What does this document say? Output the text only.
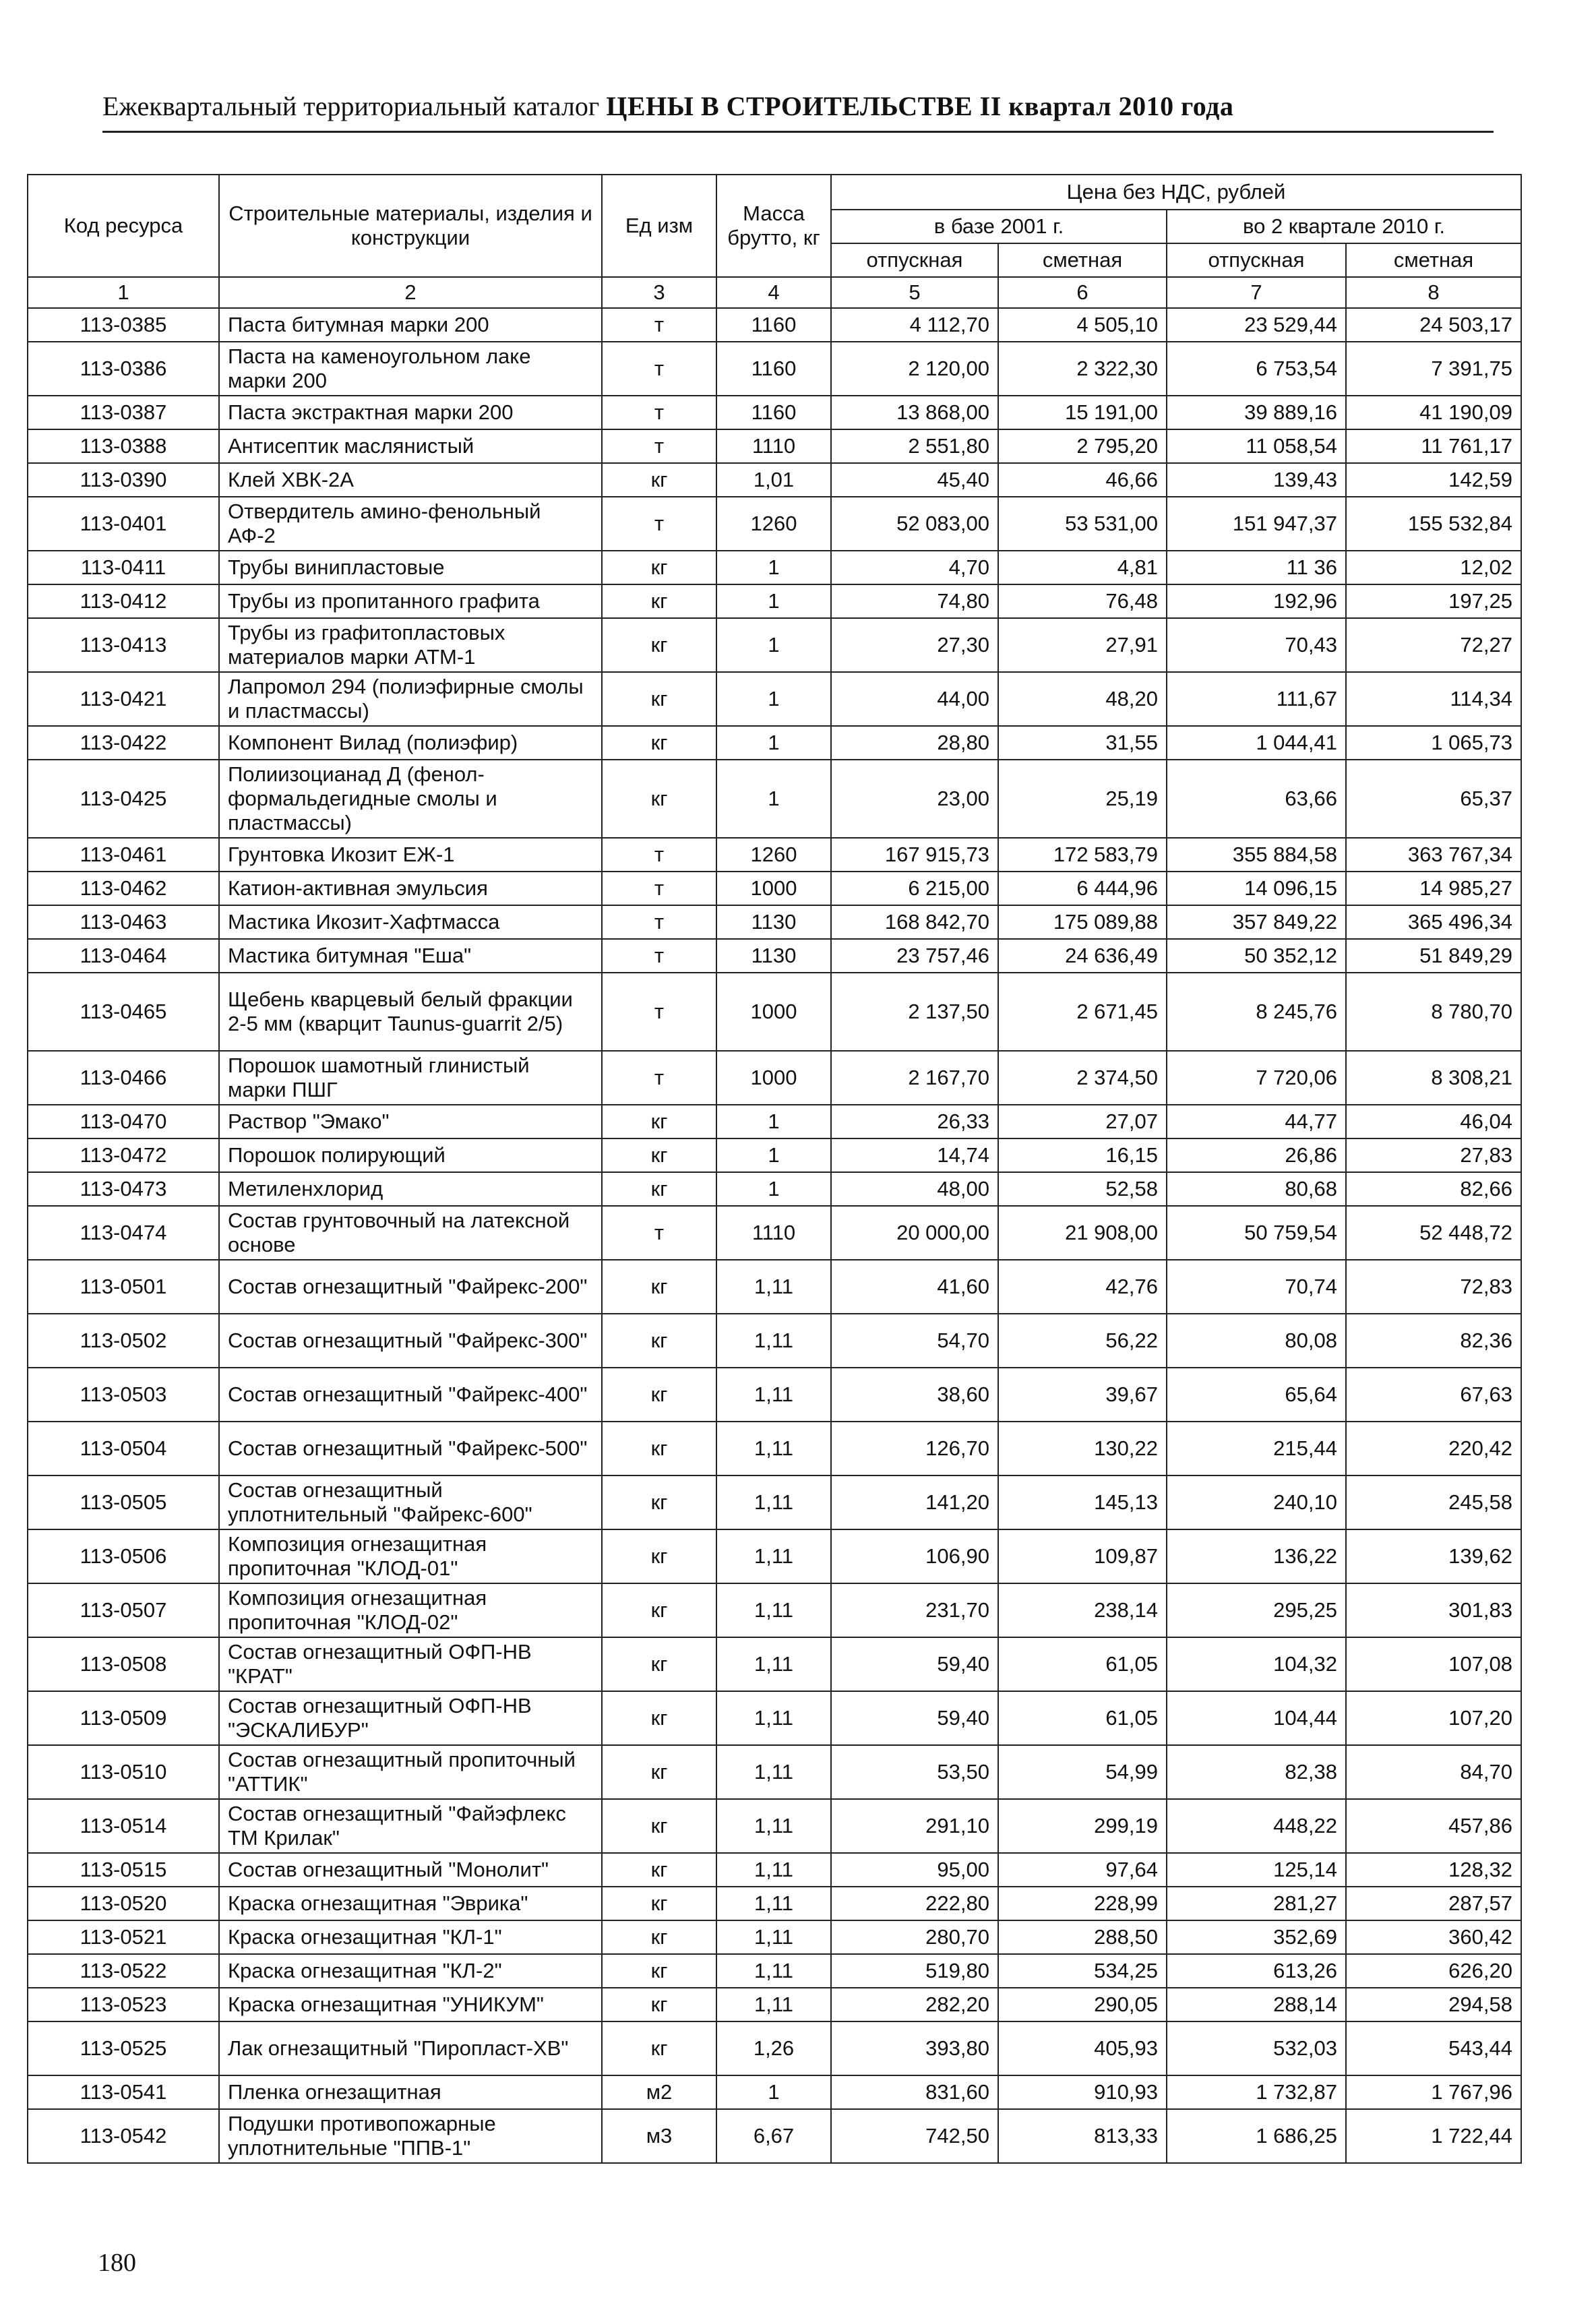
Ежеквартальный территориальный каталог ЦЕНЫ В СТРОИТЕЛЬСТВЕ II квартал 2010 года
Код ресурса	Строительные материалы, изделия и конструкции	Ед изм	Масса брутто, кг	Цена без НДС, рублей			
				в базе 2001 г.		во 2 квартале 2010 г.	
				отпускная	сметная	отпускная	сметная
1	2	3	4	5	6	7	8
113-0385	Паста битумная марки 200	т	1160	4 112,70	4 505,10	23 529,44	24 503,17
113-0386	Паста на каменоугольном лаке марки 200	т	1160	2 120,00	2 322,30	6 753,54	7 391,75
113-0387	Паста экстрактная марки 200	т	1160	13 868,00	15 191,00	39 889,16	41 190,09
113-0388	Антисептик маслянистый	т	1110	2 551,80	2 795,20	11 058,54	11 761,17
113-0390	Клей ХВК-2А	кг	1,01	45,40	46,66	139,43	142,59
113-0401	Отвердитель амино-фенольный АФ-2	т	1260	52 083,00	53 531,00	151 947,37	155 532,84
113-0411	Трубы винипластовые	кг	1	4,70	4,81	11 36	12,02
113-0412	Трубы из пропитанного графита	кг	1	74,80	76,48	192,96	197,25
113-0413	Трубы из графитопластовых материалов марки АТМ-1	кг	1	27,30	27,91	70,43	72,27
113-0421	Лапромол 294 (полиэфирные смолы и пластмассы)	кг	1	44,00	48,20	111,67	114,34
113-0422	Компонент Вилад (полиэфир)	кг	1	28,80	31,55	1 044,41	1 065,73
113-0425	Полиизоцианад Д (фенол-формальдегидные смолы и пластмассы)	кг	1	23,00	25,19	63,66	65,37
113-0461	Грунтовка Икозит ЕЖ-1	т	1260	167 915,73	172 583,79	355 884,58	363 767,34
113-0462	Катион-активная эмульсия	т	1000	6 215,00	6 444,96	14 096,15	14 985,27
113-0463	Мастика Икозит-Хафтмасса	т	1130	168 842,70	175 089,88	357 849,22	365 496,34
113-0464	Мастика битумная "Еша"	т	1130	23 757,46	24 636,49	50 352,12	51 849,29
113-0465	Щебень кварцевый белый фракции 2-5 мм (кварцит Taunus-guarrit 2/5)	т	1000	2 137,50	2 671,45	8 245,76	8 780,70
113-0466	Порошок шамотный глинистый марки ПШГ	т	1000	2 167,70	2 374,50	7 720,06	8 308,21
113-0470	Раствор "Эмако"	кг	1	26,33	27,07	44,77	46,04
113-0472	Порошок полирующий	кг	1	14,74	16,15	26,86	27,83
113-0473	Метиленхлорид	кг	1	48,00	52,58	80,68	82,66
113-0474	Состав грунтовочный на латексной основе	т	1110	20 000,00	21 908,00	50 759,54	52 448,72
113-0501	Состав огнезащитный "Файрекс-200"	кг	1,11	41,60	42,76	70,74	72,83
113-0502	Состав огнезащитный "Файрекс-300"	кг	1,11	54,70	56,22	80,08	82,36
113-0503	Состав огнезащитный "Файрекс-400"	кг	1,11	38,60	39,67	65,64	67,63
113-0504	Состав огнезащитный "Файрекс-500"	кг	1,11	126,70	130,22	215,44	220,42
113-0505	Состав огнезащитный уплотнительный "Файрекс-600"	кг	1,11	141,20	145,13	240,10	245,58
113-0506	Композиция огнезащитная пропиточная "КЛОД-01"	кг	1,11	106,90	109,87	136,22	139,62
113-0507	Композиция огнезащитная пропиточная "КЛОД-02"	кг	1,11	231,70	238,14	295,25	301,83
113-0508	Состав огнезащитный ОФП-НВ "КРАТ"	кг	1,11	59,40	61,05	104,32	107,08
113-0509	Состав огнезащитный ОФП-НВ "ЭСКАЛИБУР"	кг	1,11	59,40	61,05	104,44	107,20
113-0510	Состав огнезащитный пропиточный "АТТИК"	кг	1,11	53,50	54,99	82,38	84,70
113-0514	Состав огнезащитный "Файэфлекс ТМ Крилак"	кг	1,11	291,10	299,19	448,22	457,86
113-0515	Состав огнезащитный "Монолит"	кг	1,11	95,00	97,64	125,14	128,32
113-0520	Краска огнезащитная "Эврика"	кг	1,11	222,80	228,99	281,27	287,57
113-0521	Краска огнезащитная "КЛ-1"	кг	1,11	280,70	288,50	352,69	360,42
113-0522	Краска огнезащитная "КЛ-2"	кг	1,11	519,80	534,25	613,26	626,20
113-0523	Краска огнезащитная "УНИКУМ"	кг	1,11	282,20	290,05	288,14	294,58
113-0525	Лак огнезащитный "Пиропласт-ХВ"	кг	1,26	393,80	405,93	532,03	543,44
113-0541	Пленка огнезащитная	м2	1	831,60	910,93	1 732,87	1 767,96
113-0542	Подушки противопожарные уплотнительные "ППВ-1"	м3	6,67	742,50	813,33	1 686,25	1 722,44
180
